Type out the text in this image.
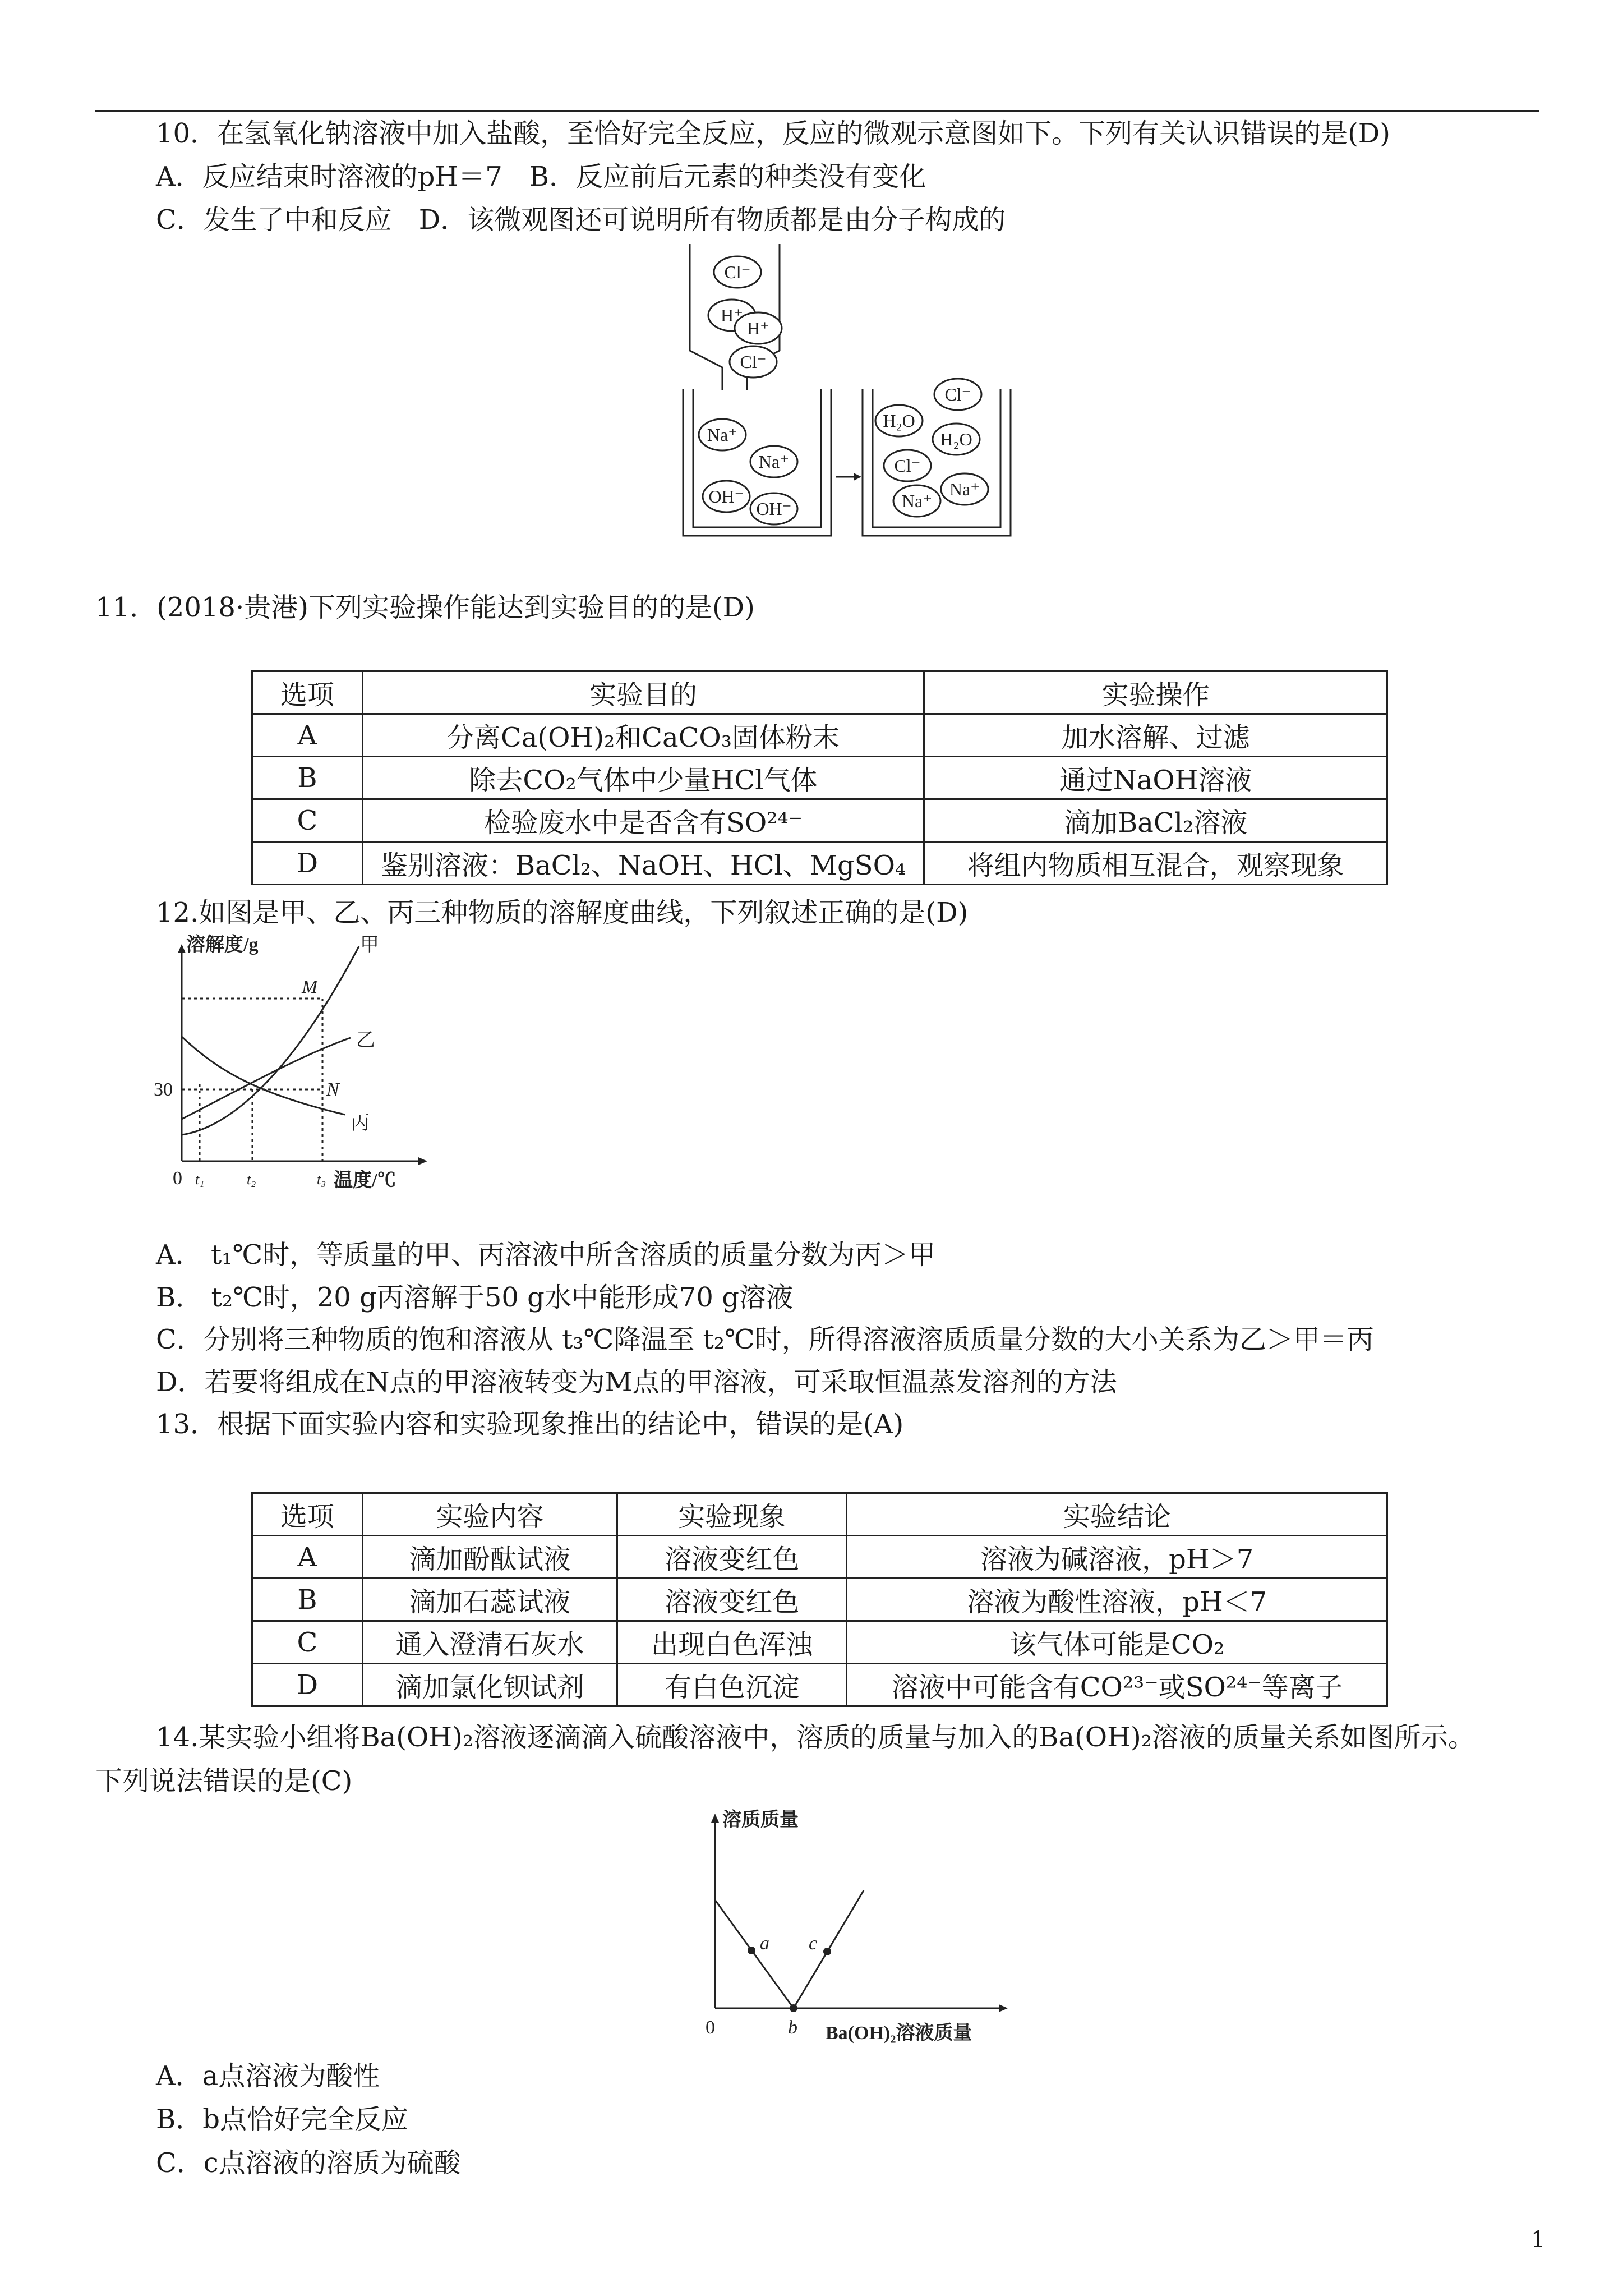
10．在氢氧化钠溶液中加入盐酸，至恰好完全反应，反应的微观示意图如下。下列有关认识错误的是(D)
A．反应结束时溶液的pH＝7　B．反应前后元素的种类没有变化
C．发生了中和反应　D．该微观图还可说明所有物质都是由分子构成的
Cl⁻
H⁺
H⁺
Cl⁻
Na⁺
Na⁺
OH⁻
OH⁻
Cl⁻
H₂O
H₂O
Cl⁻
Na⁺
Na⁺
11．(2018·贵港)下列实验操作能达到实验目的的是(D)
选项	实验目的	实验操作
A	分离Ca(OH)₂和CaCO₃固体粉末	加水溶解、过滤
B	除去CO₂气体中少量HCl气体	通过NaOH溶液
C	检验废水中是否含有SO²⁴⁻	滴加BaCl₂溶液
D	鉴别溶液：BaCl₂、NaOH、HCl、MgSO₄	将组内物质相互混合，观察现象
12.如图是甲、乙、丙三种物质的溶解度曲线，下列叙述正确的是(D)
溶解度/g
温度/℃
30
0 t₁	t₂	t₃
甲
乙
丙
M
N
A． t₁℃时，等质量的甲、丙溶液中所含溶质的质量分数为丙＞甲
B． t₂℃时，20 g丙溶解于50 g水中能形成70 g溶液
C．分别将三种物质的饱和溶液从 t₃℃降温至 t₂℃时，所得溶液溶质质量分数的大小关系为乙＞甲＝丙
D．若要将组成在N点的甲溶液转变为M点的甲溶液，可采取恒温蒸发溶剂的方法
13．根据下面实验内容和实验现象推出的结论中，错误的是(A)
选项	实验内容	实验现象	实验结论
A	滴加酚酞试液	溶液变红色	溶液为碱溶液，pH＞7
B	滴加石蕊试液	溶液变红色	溶液为酸性溶液，pH＜7
C	通入澄清石灰水	出现白色浑浊	该气体可能是CO₂
D	滴加氯化钡试剂	有白色沉淀	溶液中可能含有CO²³⁻或SO²⁴⁻等离子
14.某实验小组将Ba(OH)₂溶液逐滴滴入硫酸溶液中，溶质的质量与加入的Ba(OH)₂溶液的质量关系如图所示。
下列说法错误的是(C)
溶质质量
Ba(OH)₂溶液质量
0
a
b
c
A．a点溶液为酸性
B．b点恰好完全反应
C．c点溶液的溶质为硫酸
1
